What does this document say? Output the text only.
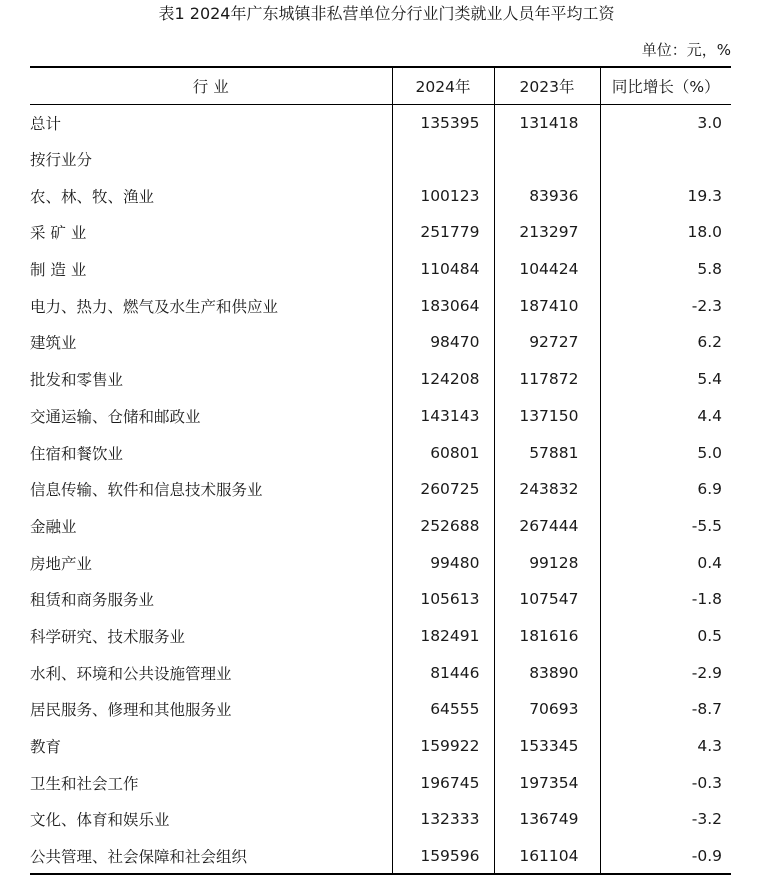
表1 2024年广东城镇非私营单位分行业门类就业人员年平均工资
单位：元，%
行 业	2024年	2023年	同比增长（%）
总计	135395	131418	3.0
按行业分			
农、林、牧、渔业	100123	83936	19.3
采 矿 业	251779	213297	18.0
制 造 业	110484	104424	5.8
电力、热力、燃气及水生产和供应业	183064	187410	-2.3
建筑业	98470	92727	6.2
批发和零售业	124208	117872	5.4
交通运输、仓储和邮政业	143143	137150	4.4
住宿和餐饮业	60801	57881	5.0
信息传输、软件和信息技术服务业	260725	243832	6.9
金融业	252688	267444	-5.5
房地产业	99480	99128	0.4
租赁和商务服务业	105613	107547	-1.8
科学研究、技术服务业	182491	181616	0.5
水利、环境和公共设施管理业	81446	83890	-2.9
居民服务、修理和其他服务业	64555	70693	-8.7
教育	159922	153345	4.3
卫生和社会工作	196745	197354	-0.3
文化、体育和娱乐业	132333	136749	-3.2
公共管理、社会保障和社会组织	159596	161104	-0.9
